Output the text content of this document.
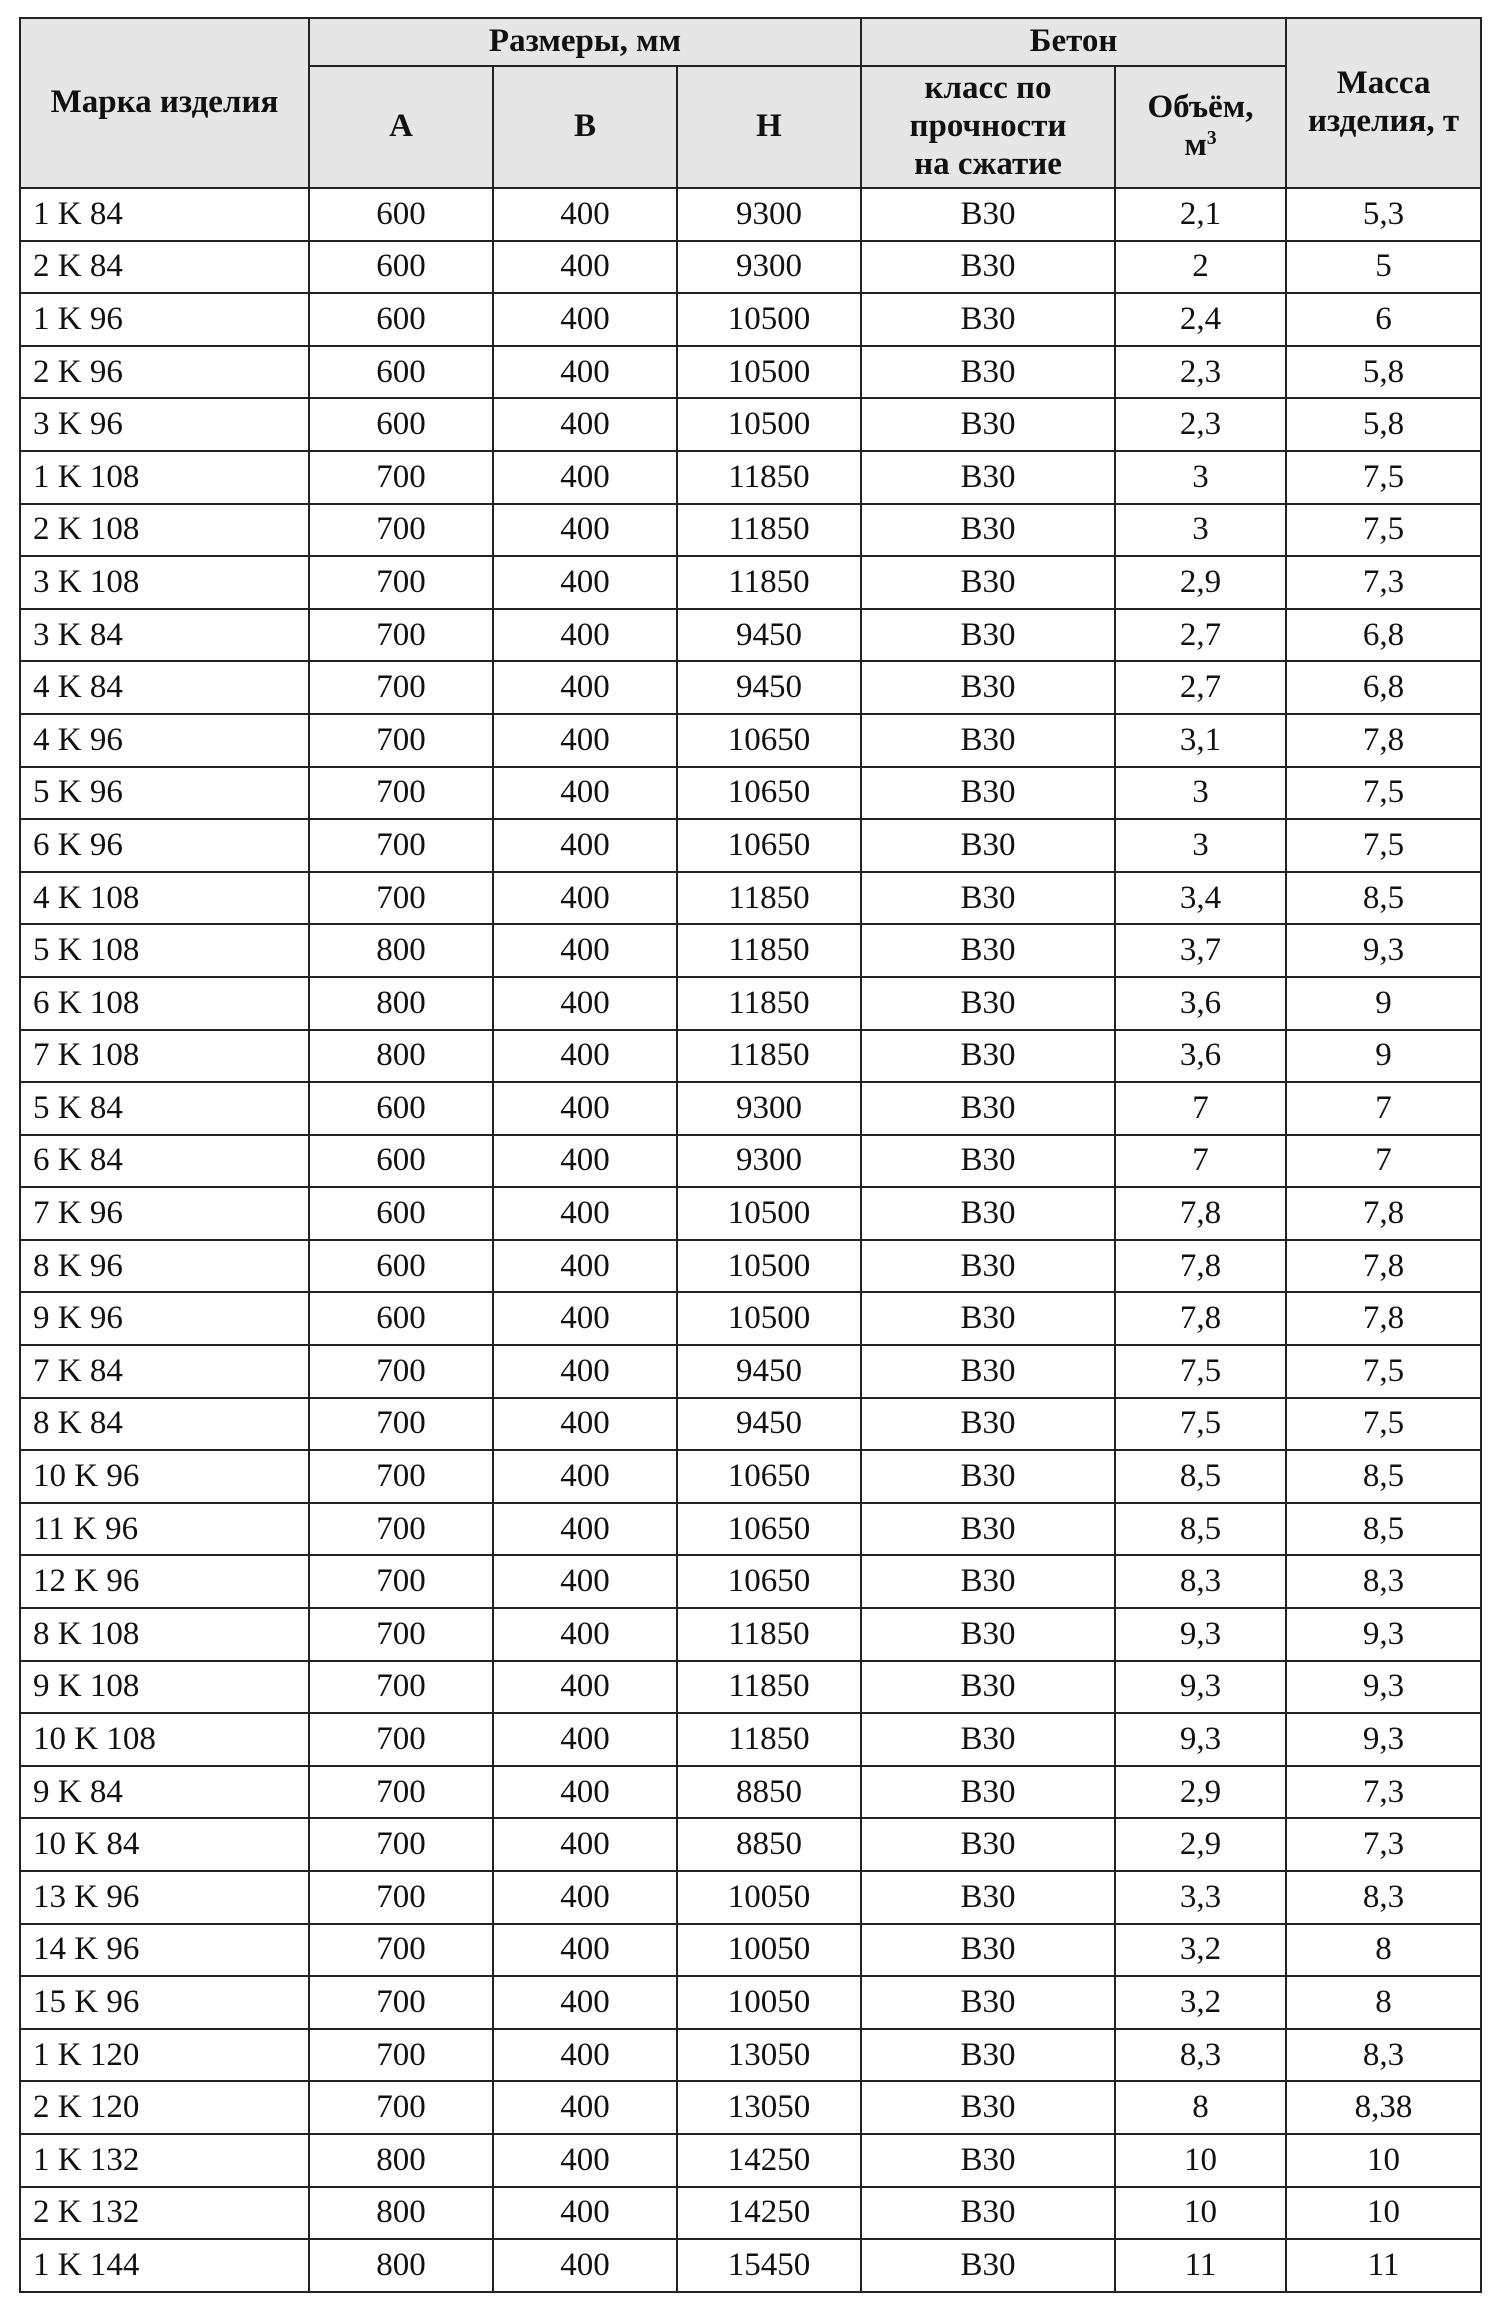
Марка изделия	Размеры, мм			Бетон		Масса изделия, т
	A	B	H	класс по прочности на сжатие	Объём, $м^3$
1 K 84	600	400	9300	B30	2,1	5,3
2 K 84	600	400	9300	B30	2	5
1 K 96	600	400	10500	B30	2,4	6
2 K 96	600	400	10500	B30	2,3	5,8
3 K 96	600	400	10500	B30	2,3	5,8
1 K 108	700	400	11850	B30	3	7,5
2 K 108	700	400	11850	B30	3	7,5
3 K 108	700	400	11850	B30	2,9	7,3
3 K 84	700	400	9450	B30	2,7	6,8
4 K 84	700	400	9450	B30	2,7	6,8
4 K 96	700	400	10650	B30	3,1	7,8
5 K 96	700	400	10650	B30	3	7,5
6 K 96	700	400	10650	B30	3	7,5
4 K 108	700	400	11850	B30	3,4	8,5
5 K 108	800	400	11850	B30	3,7	9,3
6 K 108	800	400	11850	B30	3,6	9
7 K 108	800	400	11850	B30	3,6	9
5 K 84	600	400	9300	B30	7	7
6 K 84	600	400	9300	B30	7	7
7 K 96	600	400	10500	B30	7,8	7,8
8 K 96	600	400	10500	B30	7,8	7,8
9 K 96	600	400	10500	B30	7,8	7,8
7 K 84	700	400	9450	B30	7,5	7,5
8 K 84	700	400	9450	B30	7,5	7,5
10 K 96	700	400	10650	B30	8,5	8,5
11 K 96	700	400	10650	B30	8,5	8,5
12 K 96	700	400	10650	B30	8,3	8,3
8 K 108	700	400	11850	B30	9,3	9,3
9 K 108	700	400	11850	B30	9,3	9,3
10 K 108	700	400	11850	B30	9,3	9,3
9 K 84	700	400	8850	B30	2,9	7,3
10 K 84	700	400	8850	B30	2,9	7,3
13 K 96	700	400	10050	B30	3,3	8,3
14 K 96	700	400	10050	B30	3,2	8
15 K 96	700	400	10050	B30	3,2	8
1 K 120	700	400	13050	B30	8,3	8,3
2 K 120	700	400	13050	B30	8	8,38
1 K 132	800	400	14250	B30	10	10
2 K 132	800	400	14250	B30	10	10
1 K 144	800	400	15450	B30	11	11
